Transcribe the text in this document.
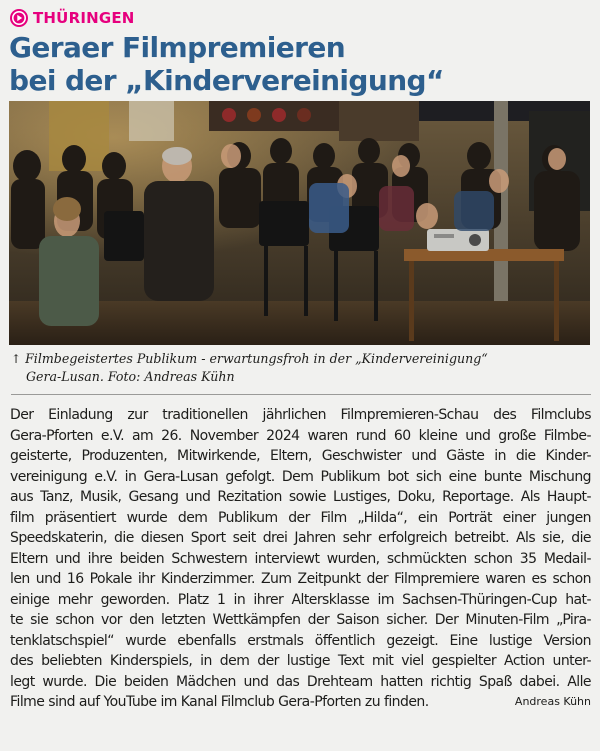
THÜRINGEN
Geraer Filmpremieren
bei der „Kindervereinigung“
↑ Filmbegeistertes Publikum - erwartungsfroh in der „Kindervereinigung“
Gera-Lusan. Foto: Andreas Kühn
Der Einladung zur traditionellen jährlichen Filmpremieren-Schau des Filmclubs
Gera-Pforten e.V. am 26. November 2024 waren rund 60 kleine und große Filmbe-
geisterte, Produzenten, Mitwirkende, Eltern, Geschwister und Gäste in die Kinder-
vereinigung e.V. in Gera-Lusan gefolgt. Dem Publikum bot sich eine bunte Mischung
aus Tanz, Musik, Gesang und Rezitation sowie Lustiges, Doku, Reportage. Als Haupt-
film präsentiert wurde dem Publikum der Film „Hilda“, ein Porträt einer jungen
Speedskaterin, die diesen Sport seit drei Jahren sehr erfolgreich betreibt. Als sie, die
Eltern und ihre beiden Schwestern interviewt wurden, schmückten schon 35 Medail-
len und 16 Pokale ihr Kinderzimmer. Zum Zeitpunkt der Filmpremiere waren es schon
einige mehr geworden. Platz 1 in ihrer Altersklasse im Sachsen-Thüringen-Cup hat-
te sie schon vor den letzten Wettkämpfen der Saison sicher. Der Minuten-Film „Pira-
tenklatschspiel“ wurde ebenfalls erstmals öffentlich gezeigt. Eine lustige Version
des beliebten Kinderspiels, in dem der lustige Text mit viel gespielter Action unter-
legt wurde. Die beiden Mädchen und das Drehteam hatten richtig Spaß dabei. Alle
Filme sind auf YouTube im Kanal Filmclub Gera-Pforten zu finden.	Andreas Kühn
